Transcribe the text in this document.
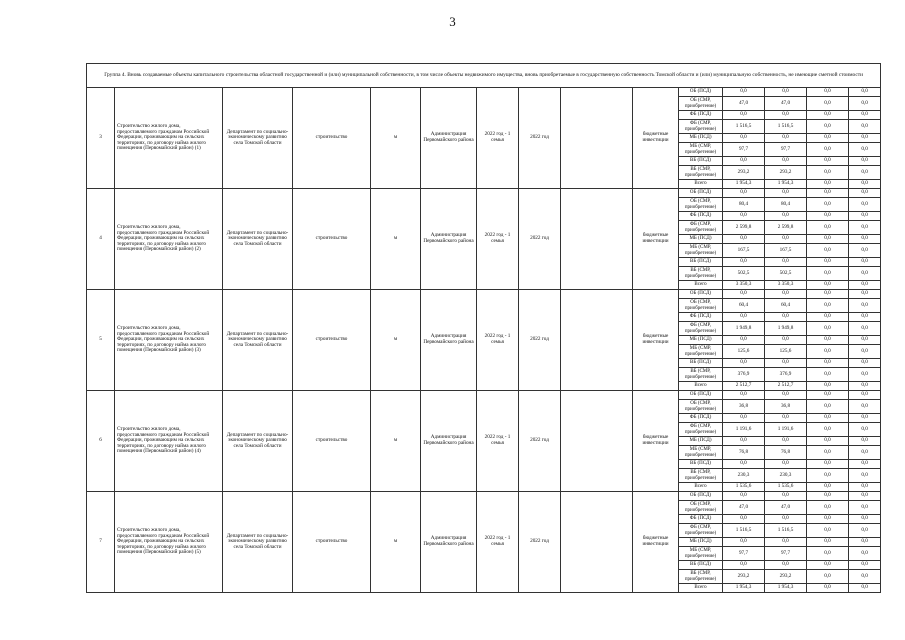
3
Группа 4. Вновь создаваемые объекты капитального строительства областной государственной и (или) муниципальной собственности, в том числе объекты недвижимого имущества, вновь приобретаемые в государственную собственность Томской области и (или) муниципальную собственность, не имеющие сметной стоимости														
3	Строительство жилого дома, предоставляемого гражданам Российской Федерации, проживающим на сельских территориях, по договору найма жилого помещения (Первомайский район) (1)	Департамент по социально-экономическому развитию села Томской области	строительство	м	Администрация Первомайского района	2022 год - 1 семья	2022 год		бюджетные инвестиции	ОБ (ПСД)	0,0	0,0	0,0	0,0
										ОБ (СМР, приобретение)	47,0	47,0	0,0	0,0
										ФБ (ПСД)	0,0	0,0	0,0	0,0
										ФБ (СМР, приобретение)	1 516,5	1 516,5	0,0	0,0
										МБ (ПСД)	0,0	0,0	0,0	0,0
										МБ (СМР, приобретение)	97,7	97,7	0,0	0,0
										ВБ (ПСД)	0,0	0,0	0,0	0,0
										ВБ (СМР, приобретение)	293,2	293,2	0,0	0,0
										Всего	1 954,3	1 954,3	0,0	0,0
4	Строительство жилого дома, предоставляемого гражданам Российской Федерации, проживающим на сельских территориях, по договору найма жилого помещения (Первомайский район) (2)	Департамент по социально-экономическому развитию села Томской области	строительство	м	Администрация Первомайского района	2022 год - 1 семья	2022 год		бюджетные инвестиции	ОБ (ПСД)	0,0	0,0	0,0	0,0
										ОБ (СМР, приобретение)	80,4	80,4	0,0	0,0
										ФБ (ПСД)	0,0	0,0	0,0	0,0
										ФБ (СМР, приобретение)	2 599,8	2 599,8	0,0	0,0
										МБ (ПСД)	0,0	0,0	0,0	0,0
										МБ (СМР, приобретение)	167,5	167,5	0,0	0,0
										ВБ (ПСД)	0,0	0,0	0,0	0,0
										ВБ (СМР, приобретение)	502,5	502,5	0,0	0,0
										Всего	3 350,3	3 350,3	0,0	0,0
5	Строительство жилого дома, предоставляемого гражданам Российской Федерации, проживающим на сельских территориях, по договору найма жилого помещения (Первомайский район) (3)	Департамент по социально-экономическому развитию села Томской области	строительство	м	Администрация Первомайского района	2022 год - 1 семья	2022 год		бюджетные инвестиции	ОБ (ПСД)	0,0	0,0	0,0	0,0
										ОБ (СМР, приобретение)	60,4	60,4	0,0	0,0
										ФБ (ПСД)	0,0	0,0	0,0	0,0
										ФБ (СМР, приобретение)	1 949,8	1 949,8	0,0	0,0
										МБ (ПСД)	0,0	0,0	0,0	0,0
										МБ (СМР, приобретение)	125,6	125,6	0,0	0,0
										ВБ (ПСД)	0,0	0,0	0,0	0,0
										ВБ (СМР, приобретение)	376,9	376,9	0,0	0,0
										Всего	2 512,7	2 512,7	0,0	0,0
6	Строительство жилого дома, предоставляемого гражданам Российской Федерации, проживающим на сельских территориях, по договору найма жилого помещения (Первомайский район) (4)	Департамент по социально-экономическому развитию села Томской области	строительство	м	Администрация Первомайского района	2022 год - 1 семья	2022 год		бюджетные инвестиции	ОБ (ПСД)	0,0	0,0	0,0	0,0
										ОБ (СМР, приобретение)	36,8	36,8	0,0	0,0
										ФБ (ПСД)	0,0	0,0	0,0	0,0
										ФБ (СМР, приобретение)	1 191,6	1 191,6	0,0	0,0
										МБ (ПСД)	0,0	0,0	0,0	0,0
										МБ (СМР, приобретение)	76,8	76,8	0,0	0,0
										ВБ (ПСД)	0,0	0,0	0,0	0,0
										ВБ (СМР, приобретение)	230,3	230,3	0,0	0,0
										Всего	1 535,6	1 535,6	0,0	0,0
7	Строительство жилого дома, предоставляемого гражданам Российской Федерации, проживающим на сельских территориях, по договору найма жилого помещения (Первомайский район) (5)	Департамент по социально-экономическому развитию села Томской области	строительство	м	Администрация Первомайского района	2022 год - 1 семья	2022 год		бюджетные инвестиции	ОБ (ПСД)	0,0	0,0	0,0	0,0
										ОБ (СМР, приобретение)	47,0	47,0	0,0	0,0
										ФБ (ПСД)	0,0	0,0	0,0	0,0
										ФБ (СМР, приобретение)	1 516,5	1 516,5	0,0	0,0
										МБ (ПСД)	0,0	0,0	0,0	0,0
										МБ (СМР, приобретение)	97,7	97,7	0,0	0,0
										ВБ (ПСД)	0,0	0,0	0,0	0,0
										ВБ (СМР, приобретение)	293,2	293,2	0,0	0,0
										Всего	1 954,3	1 954,3	0,0	0,0
